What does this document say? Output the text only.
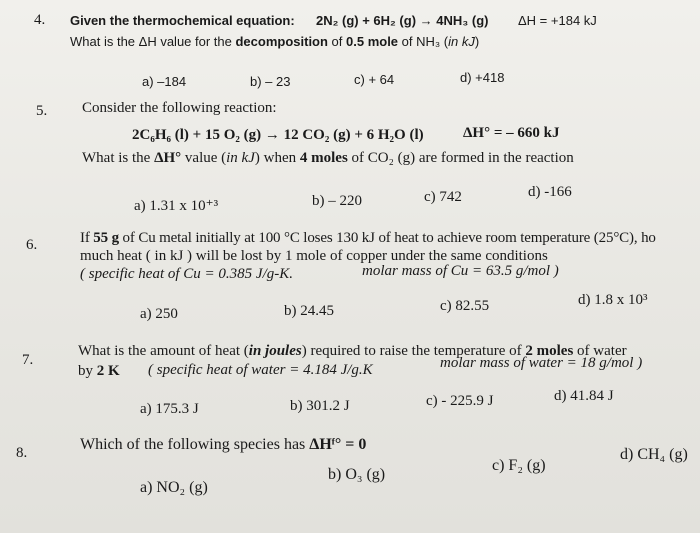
4. Given the thermochemical equation: 2N₂ (g) + 6H₂ (g) → 4NH₃ (g) ΔH = +184 kJ
What is the ΔH value for the decomposition of 0.5 mole of NH₃ (in kJ)
a) –184	b) – 23	c) + 64	d) +418
5. Consider the following reaction:
2C₆H₆ (l) + 15 O₂ (g) → 12 CO₂ (g) + 6 H₂O (l)	ΔH° = – 660 kJ
What is the ΔH° value (in kJ) when 4 moles of CO₂ (g) are formed in the reaction
a) 1.31 x 10⁺³	b) – 220	c) 742	d) -166
6.	If 55 g of Cu metal initially at 100 °C loses 130 kJ of heat to achieve room temperature (25°C), ho
much heat ( in kJ ) will be lost by 1 mole of copper under the same conditions
( specific heat of Cu = 0.385 J/g-K.	molar mass of Cu = 63.5 g/mol )
a) 250	b) 24.45	c) 82.55	d) 1.8 x 10³
7.
What is the amount of heat (in joules) required to raise the temperature of 2 moles of water
by 2 K ( specific heat of water = 4.184 J/g.K	molar mass of water = 18 g/mol )
a) 175.3 J	b) 301.2 J	c) - 225.9 J	d) 41.84 J
8.	Which of the following species has ΔHᶠ° = 0
a) NO₂ (g)
b) O₃ (g)
c) F₂ (g)
d) CH₄ (g)
